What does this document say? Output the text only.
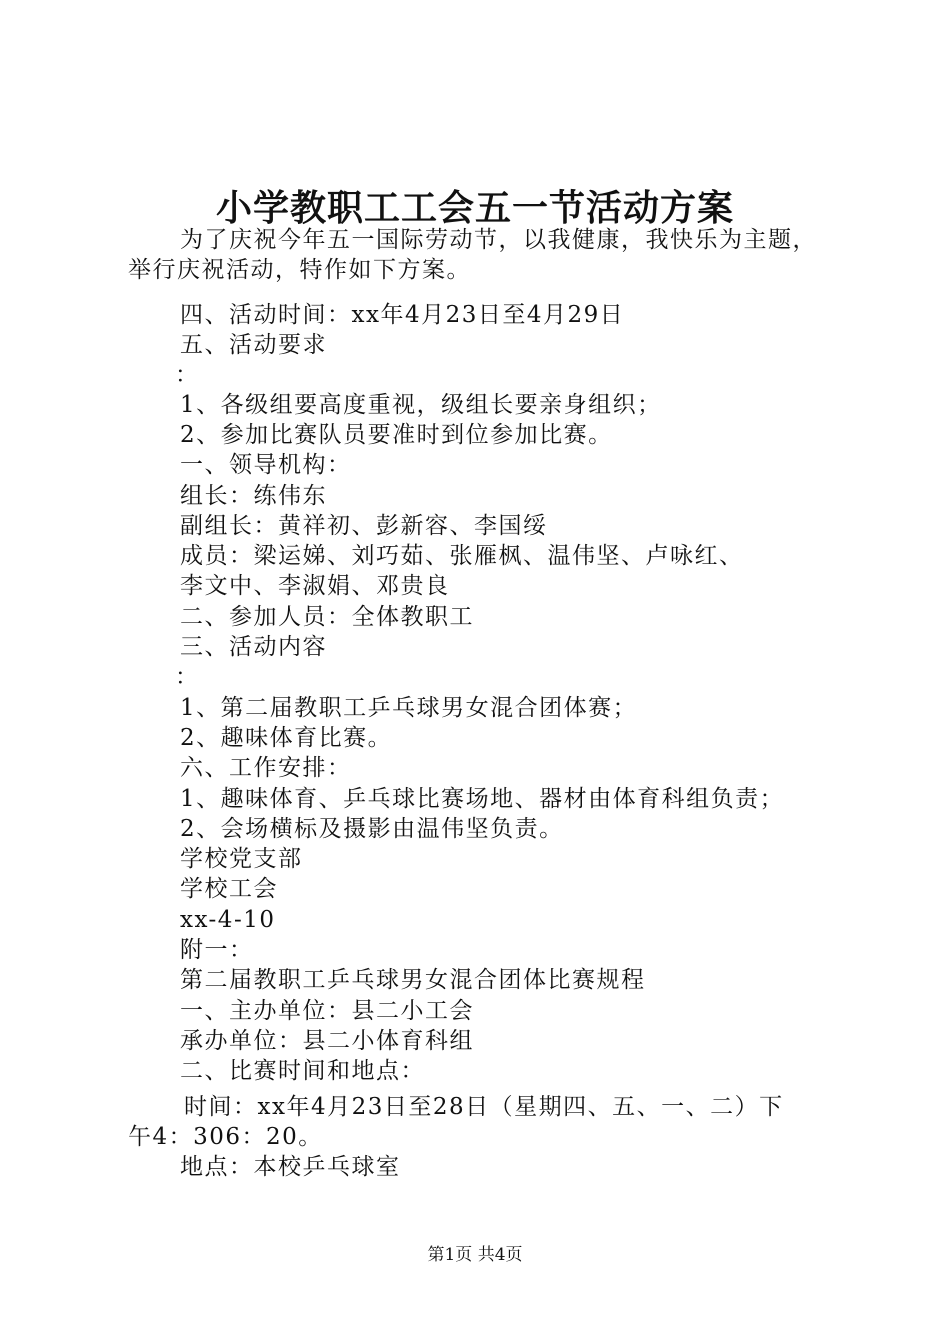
小学教职工工会五一节活动方案
为了庆祝今年五一国际劳动节，以我健康，我快乐为主题，
举行庆祝活动，特作如下方案。
四、活动时间：xx年4月23日至4月29日
五、活动要求
：
1、各级组要高度重视，级组长要亲身组织；
2、参加比赛队员要准时到位参加比赛。
一、领导机构：
组长：练伟东
副组长：黄祥初、彭新容、李国绥
成员：梁运娣、刘巧茹、张雁枫、温伟坚、卢咏红、
李文中、李淑娟、邓贵良
二、参加人员：全体教职工
三、活动内容
：
1、第二届教职工乒乓球男女混合团体赛；
2、趣味体育比赛。
六、工作安排：
1、趣味体育、乒乓球比赛场地、器材由体育科组负责；
2、会场横标及摄影由温伟坚负责。
学校党支部
学校工会
xx-4-10
附一：
第二届教职工乒乓球男女混合团体比赛规程
一、主办单位：县二小工会
承办单位：县二小体育科组
二、比赛时间和地点：
时间：xx年4月23日至28日（星期四、五、一、二）下
午4：306：20。
地点：本校乒乓球室
第1页 共4页
